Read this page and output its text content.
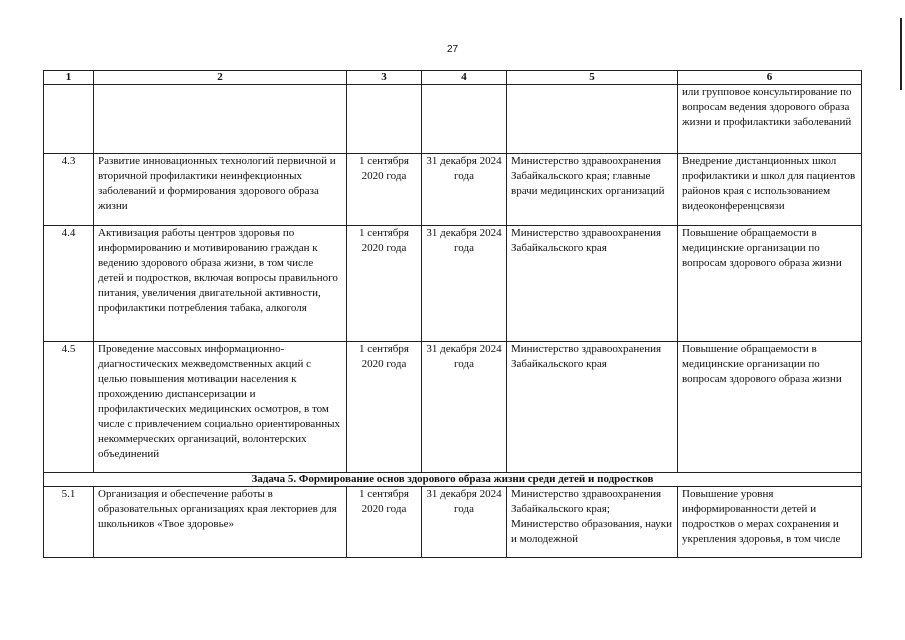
27
1	2	3	4	5	6
					или групповое консультирование по вопросам ведения здорового образа жизни и профилактики заболеваний
4.3	Развитие инновационных технологий первичной и вторичной профилактики неинфекционных заболеваний и формирования здорового образа жизни	1 сентября 2020 года	31 декабря 2024 года	Министерство здравоохранения Забайкальского края; главные врачи медицинских организаций	Внедрение дистанционных школ профилактики и школ для пациентов районов края с использованием видеоконференцсвязи
4.4	Активизация работы центров здоровья по информированию и мотивированию граждан к ведению здорового образа жизни, в том числе детей и подростков, включая вопросы правильного питания, увеличения двигательной активности, профилактики потребления табака, алкоголя	1 сентября 2020 года	31 декабря 2024 года	Министерство здравоохранения Забайкальского края	Повышение обращаемости в медицинские организации по вопросам здорового образа жизни
4.5	Проведение массовых информационно-диагностических межведомственных акций с целью повышения мотивации населения к прохождению диспансеризации и профилактических медицинских осмотров, в том числе с привлечением социально ориентированных некоммерческих организаций, волонтерских объединений	1 сентября 2020 года	31 декабря 2024 года	Министерство здравоохранения Забайкальского края	Повышение обращаемости в медицинские организации по вопросам здорового образа жизни
Задача 5. Формирование основ здорового образа жизни среди детей и подростков					
5.1	Организация и обеспечение работы в образовательных организациях края лекториев для школьников «Твое здоровье»	1 сентября 2020 года	31 декабря 2024 года	Министерство здравоохранения Забайкальского края; Министерство образования, науки и молодежной	Повышение уровня информированности детей и подростков о мерах сохранения и укрепления здоровья, в том числе
